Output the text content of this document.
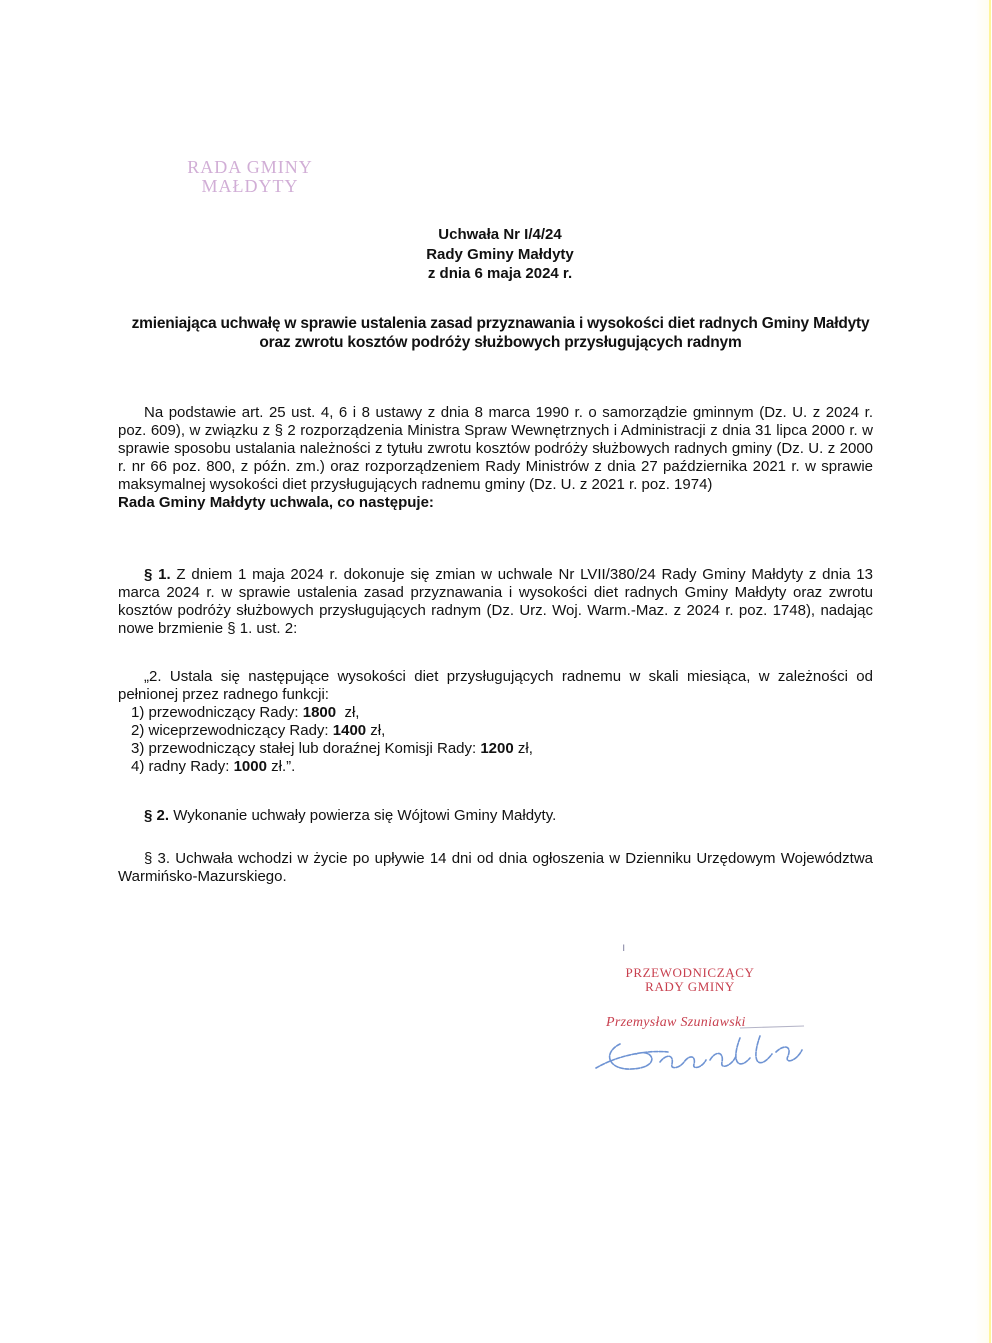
RADA GMINY
MAŁDYTY
Uchwała Nr I/4/24
Rady Gminy Małdyty
z dnia 6 maja 2024 r.
zmieniająca uchwałę w sprawie ustalenia zasad przyznawania i wysokości diet radnych Gminy Małdyty oraz zwrotu kosztów podróży służbowych przysługujących radnym
Na podstawie art. 25 ust. 4, 6 i 8 ustawy z dnia 8 marca 1990 r. o samorządzie gminnym (Dz. U. z 2024 r. poz. 609), w związku z § 2 rozporządzenia Ministra Spraw Wewnętrznych i Administracji z dnia 31 lipca 2000 r. w sprawie sposobu ustalania należności z tytułu zwrotu kosztów podróży służbowych radnych gminy (Dz. U. z 2000 r. nr 66 poz. 800, z późn. zm.) oraz rozporządzeniem Rady Ministrów z dnia 27 października 2021 r. w sprawie maksymalnej wysokości diet przysługujących radnemu gminy (Dz. U. z 2021 r. poz. 1974)
Rada Gminy Małdyty uchwala, co następuje:
§ 1. Z dniem 1 maja 2024 r. dokonuje się zmian w uchwale Nr LVII/380/24 Rady Gminy Małdyty z dnia 13 marca 2024 r. w sprawie ustalenia zasad przyznawania i wysokości diet radnych Gminy Małdyty oraz zwrotu kosztów podróży służbowych przysługujących radnym (Dz. Urz. Woj. Warm.-Maz. z 2024 r. poz. 1748), nadając nowe brzmienie § 1. ust. 2:
„2. Ustala się następujące wysokości diet przysługujących radnemu w skali miesiąca, w zależności od pełnionej przez radnego funkcji:
1) przewodniczący Rady: 1800  zł,
2) wiceprzewodniczący Rady: 1400 zł,
3) przewodniczący stałej lub doraźnej Komisji Rady: 1200 zł,
4) radny Rady: 1000 zł.”.
§ 2. Wykonanie uchwały powierza się Wójtowi Gminy Małdyty.
§ 3. Uchwała wchodzi w życie po upływie 14 dni od dnia ogłoszenia w Dzienniku Urzędowym Województwa Warmińsko-Mazurskiego.
ı
PRZEWODNICZĄCY
RADY GMINY
Przemysław Szuniawski
